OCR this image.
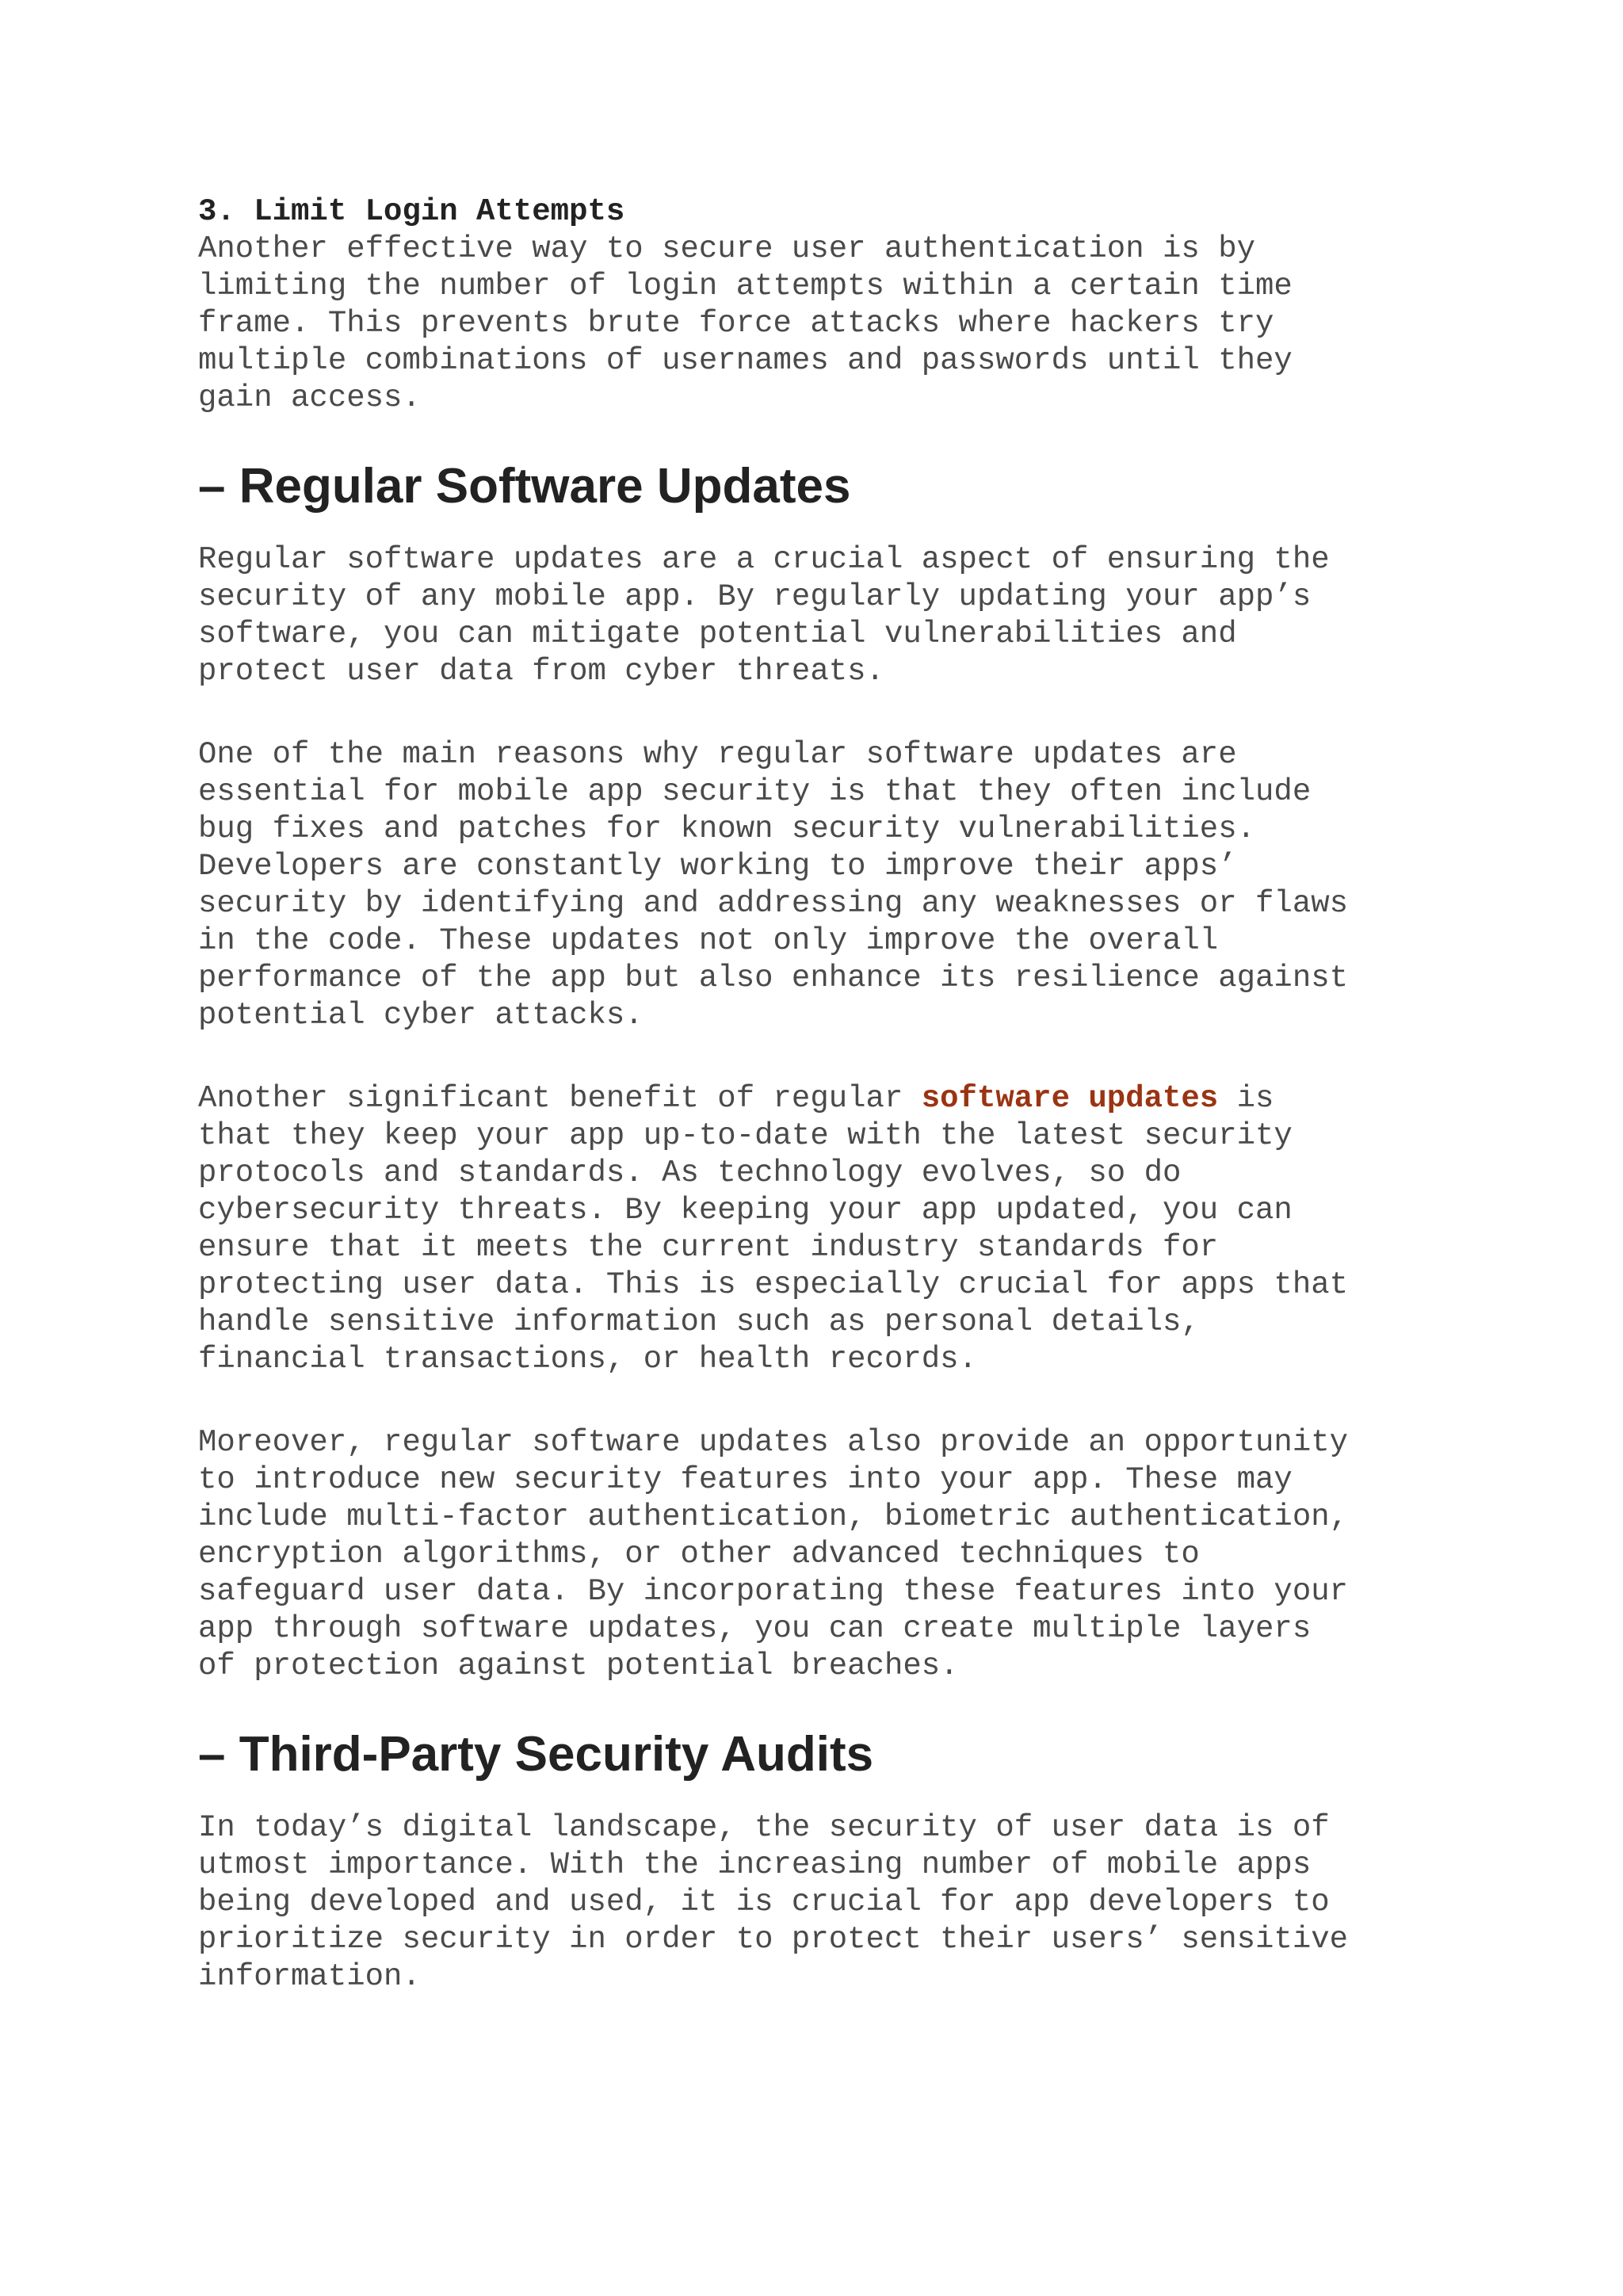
3. Limit Login Attempts

Another effective way to secure user authentication is by
limiting the number of login attempts within a certain time
frame. This prevents brute force attacks where hackers try
multiple combinations of usernames and passwords until they
gain access.

– Regular Software Updates

Regular software updates are a crucial aspect of ensuring the
security of any mobile app. By regularly updating your app’s
software, you can mitigate potential vulnerabilities and
protect user data from cyber threats.

One of the main reasons why regular software updates are
essential for mobile app security is that they often include
bug fixes and patches for known security vulnerabilities.
Developers are constantly working to improve their apps’
security by identifying and addressing any weaknesses or flaws
in the code. These updates not only improve the overall
performance of the app but also enhance its resilience against
potential cyber attacks.

Another significant benefit of regular software updates is
that they keep your app up-to-date with the latest security
protocols and standards. As technology evolves, so do
cybersecurity threats. By keeping your app updated, you can
ensure that it meets the current industry standards for
protecting user data. This is especially crucial for apps that
handle sensitive information such as personal details,
financial transactions, or health records.

Moreover, regular software updates also provide an opportunity
to introduce new security features into your app. These may
include multi-factor authentication, biometric authentication,
encryption algorithms, or other advanced techniques to
safeguard user data. By incorporating these features into your
app through software updates, you can create multiple layers
of protection against potential breaches.

– Third-Party Security Audits

In today’s digital landscape, the security of user data is of
utmost importance. With the increasing number of mobile apps
being developed and used, it is crucial for app developers to
prioritize security in order to protect their users’ sensitive
information.
